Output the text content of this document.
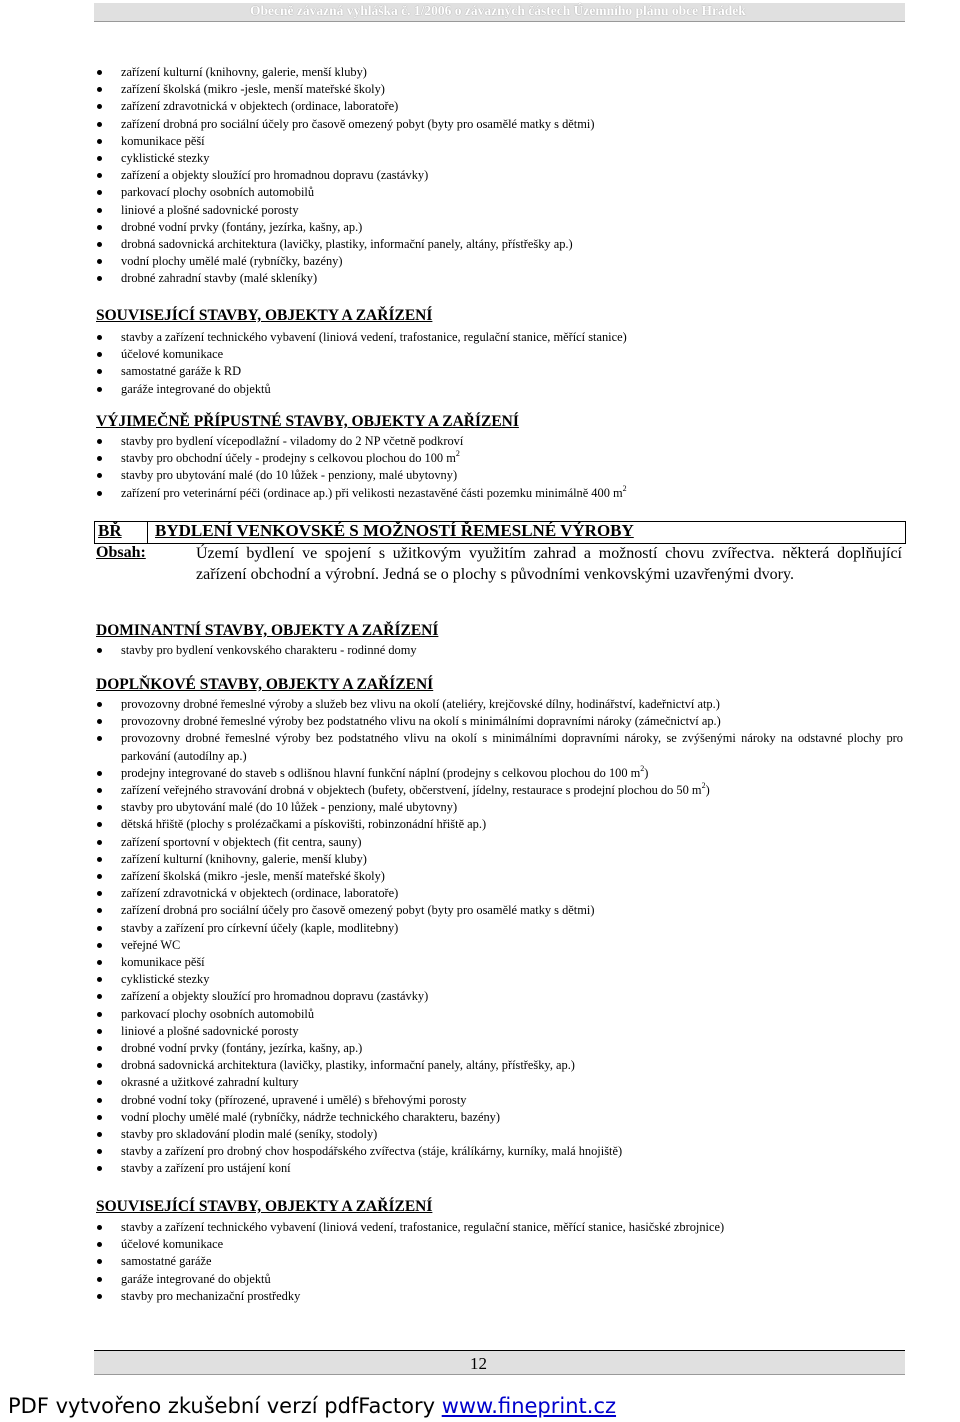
Obecně závazná vyhláška č. 1/2006 o závazných částech Územního plánu obce Hrádek
zařízení kulturní (knihovny, galerie, menší kluby)
zařízení školská (mikro -jesle, menší mateřské školy)
zařízení zdravotnická v objektech (ordinace, laboratoře)
zařízení drobná pro sociální účely pro časově omezený pobyt (byty pro osamělé matky s dětmi)
komunikace pěší
cyklistické stezky
zařízení a objekty sloužící pro hromadnou dopravu (zastávky)
parkovací plochy osobních automobilů
liniové a plošné sadovnické porosty
drobné vodní prvky (fontány, jezírka, kašny, ap.)
drobná sadovnická architektura (lavičky, plastiky, informační panely, altány, přístřešky ap.)
vodní plochy umělé malé (rybníčky, bazény)
drobné zahradní stavby (malé skleníky)
SOUVISEJÍCÍ STAVBY, OBJEKTY A ZAŘÍZENÍ
stavby a zařízení technického vybavení (liniová vedení, trafostanice, regulační stanice, měřící stanice)
účelové komunikace
samostatné garáže k RD
garáže integrované do objektů
VÝJIMEČNĚ PŘÍPUSTNÉ STAVBY, OBJEKTY A ZAŘÍZENÍ
stavby pro bydlení vícepodlažní - viladomy do 2 NP včetně podkroví
stavby pro obchodní účely - prodejny s celkovou plochou do 100 $m^2$
stavby pro ubytování malé (do 10 lůžek - penziony, malé ubytovny)
zařízení pro veterinární péči (ordinace ap.) při velikosti nezastavěné části pozemku minimálně 400 $m^2$
BŘ BYDLENÍ VENKOVSKÉ S MOŽNOSTÍ ŘEMESLNÉ VÝROBY
Obsah:	Území bydlení ve spojení s užitkovým využitím zahrad a možností chovu zvířectva. některá doplňující zařízení obchodní a výrobní. Jedná se o plochy s původními venkovskými uzavřenými dvory.
DOMINANTNÍ STAVBY, OBJEKTY A ZAŘÍZENÍ
stavby pro bydlení venkovského charakteru - rodinné domy
DOPLŇKOVÉ STAVBY, OBJEKTY A ZAŘÍZENÍ
provozovny drobné řemeslné výroby a služeb bez vlivu na okolí (ateliéry, krejčovské dílny, hodinářství, kadeřnictví atp.)
provozovny drobné řemeslné výroby bez podstatného vlivu na okolí s minimálními dopravními nároky (zámečnictví ap.)
provozovny drobné řemeslné výroby bez podstatného vlivu na okolí s minimálními dopravními nároky, se zvýšenými nároky na odstavné plochy pro parkování (autodílny ap.)
prodejny integrované do staveb s odlišnou hlavní funkční náplní (prodejny s celkovou plochou do 100 $m^2$)
zařízení veřejného stravování drobná v objektech (bufety, občerstvení, jídelny, restaurace s prodejní plochou do 50 $m^2$)
stavby pro ubytování malé (do 10 lůžek - penziony, malé ubytovny)
dětská hřiště (plochy s prolézačkami a pískovišti, robinzonádní hřiště ap.)
zařízení sportovní v objektech (fit centra, sauny)
zařízení kulturní (knihovny, galerie, menší kluby)
zařízení školská (mikro -jesle, menší mateřské školy)
zařízení zdravotnická v objektech (ordinace, laboratoře)
zařízení drobná pro sociální účely pro časově omezený pobyt (byty pro osamělé matky s dětmi)
stavby a zařízení pro církevní účely (kaple, modlitebny)
veřejné WC
komunikace pěší
cyklistické stezky
zařízení a objekty sloužící pro hromadnou dopravu (zastávky)
parkovací plochy osobních automobilů
liniové a plošné sadovnické porosty
drobné vodní prvky (fontány, jezírka, kašny, ap.)
drobná sadovnická architektura (lavičky, plastiky, informační panely, altány, přístřešky, ap.)
okrasné a užitkové zahradní kultury
drobné vodní toky (přírozené, upravené i umělé) s břehovými porosty
vodní plochy umělé malé (rybníčky, nádrže technického charakteru, bazény)
stavby pro skladování plodin malé (seníky, stodoly)
stavby a zařízení pro drobný chov hospodářského zvířectva (stáje, králíkárny, kurníky, malá hnojiště)
stavby a zařízení pro ustájení koní
SOUVISEJÍCÍ STAVBY, OBJEKTY A ZAŘÍZENÍ
stavby a zařízení technického vybavení (liniová vedení, trafostanice, regulační stanice, měřící stanice, hasičské zbrojnice)
účelové komunikace
samostatné garáže
garáže integrované do objektů
stavby pro mechanizační prostředky
12
PDF vytvořeno zkušební verzí pdfFactory www.fineprint.cz
